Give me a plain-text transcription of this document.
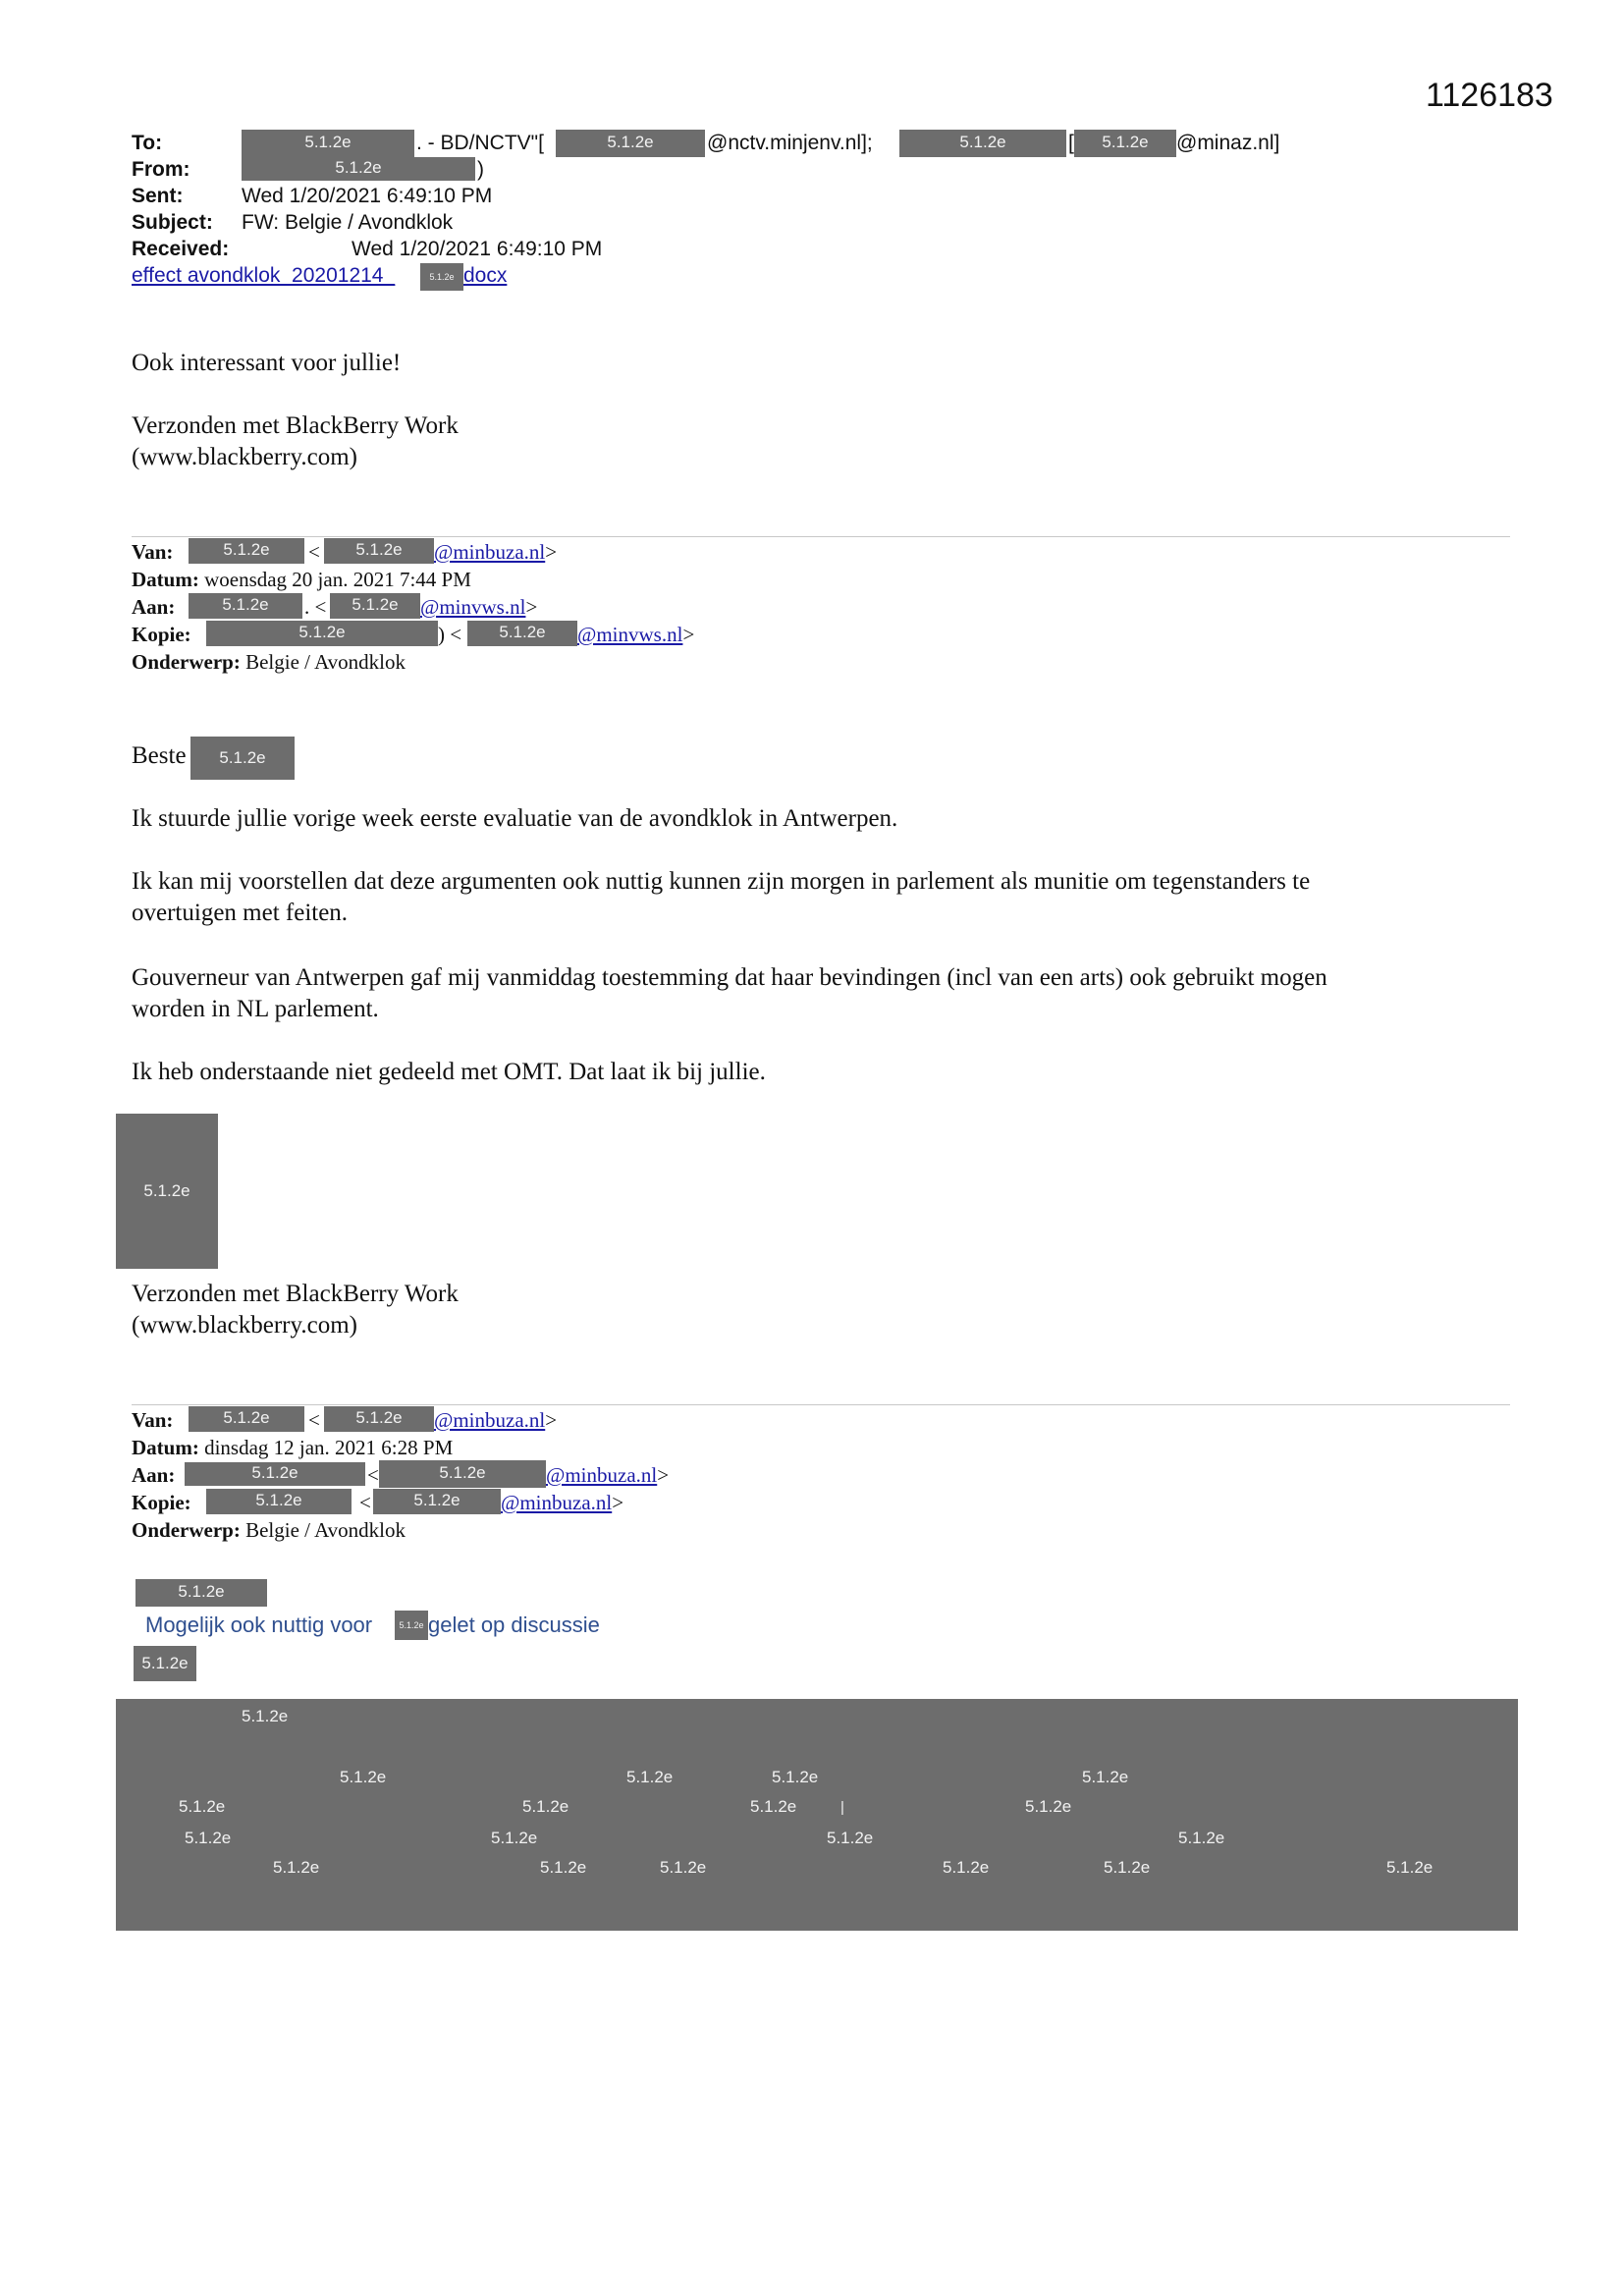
1126183
To:	5.1.2e	. - BD/NCTV"[	5.1.2e	@nctv.minjenv.nl];	5.1.2e	[	5.1.2e	@minaz.nl]
From:	5.1.2e	)
Sent:	Wed 1/20/2021 6:49:10 PM
Subject: FW: Belgie / Avondklok
Received:	Wed 1/20/2021 6:49:10 PM
effect avondklok_20201214_	5.1.2e docx
Ook interessant voor jullie!
Verzonden met BlackBerry Work
(www.blackberry.com)
Van:	5.1.2e	<	5.1.2e	@minbuza.nl>
Datum: woensdag 20 jan. 2021 7:44 PM
Aan:	5.1.2e	. <	5.1.2e	@minvws.nl>
Kopie:	5.1.2e	) <	5.1.2e	@minvws.nl>
Onderwerp: Belgie / Avondklok
Beste	5.1.2e
Ik stuurde jullie vorige week eerste evaluatie van de avondklok in Antwerpen.
Ik kan mij voorstellen dat deze argumenten ook nuttig kunnen zijn morgen in parlement als munitie om tegenstanders te
overtuigen met feiten.
Gouverneur van Antwerpen gaf mij vanmiddag toestemming dat haar bevindingen (incl van een arts) ook gebruikt mogen
worden in NL parlement.
Ik heb onderstaande niet gedeeld met OMT. Dat laat ik bij jullie.
5.1.2e
Verzonden met BlackBerry Work
(www.blackberry.com)
Van:	5.1.2e	<	5.1.2e	@minbuza.nl>
Datum: dinsdag 12 jan. 2021 6:28 PM
Aan:	5.1.2e	<	5.1.2e	@minbuza.nl>
Kopie:	5.1.2e	<	5.1.2e	@minbuza.nl>
Onderwerp: Belgie / Avondklok
5.1.2e
Mogelijk ook nuttig voor	5.1.2e gelet op discussie
5.1.2e
5.1.2e
5.1.2e	5.1.2e	5.1.2e	5.1.2e
5.1.2e	5.1.2e	5.1.2e	|	5.1.2e
5.1.2e	5.1.2e	5.1.2e	5.1.2e
5.1.2e	5.1.2e	5.1.2e	5.1.2e	5.1.2e	5.1.2e
